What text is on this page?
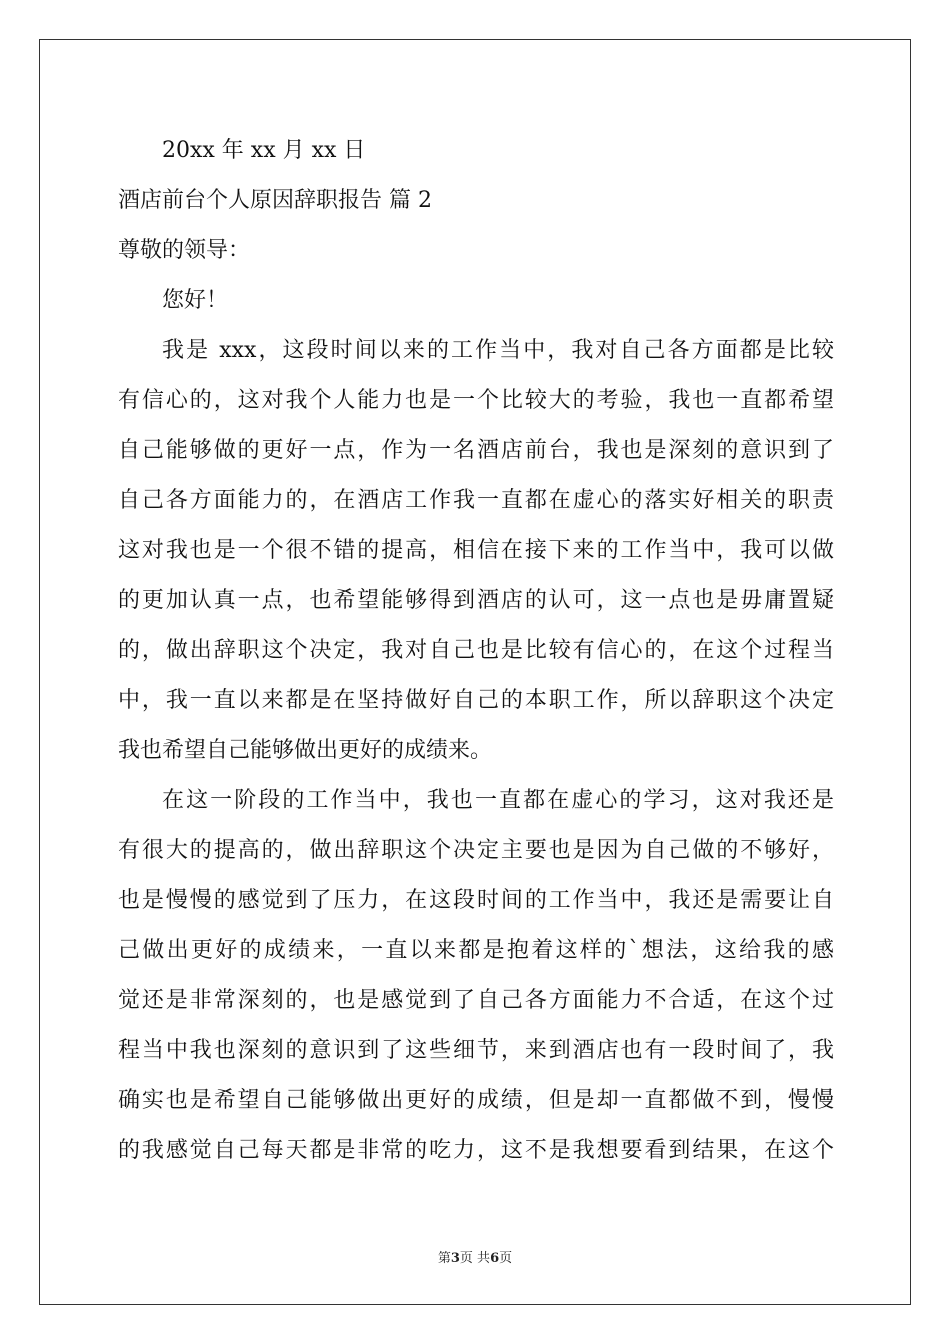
20xx 年 xx 月 xx 日
酒店前台个人原因辞职报告 篇 2
尊敬的领导：
您好！
我是 xxx，这段时间以来的工作当中，我对自己各方面都是比较
有信心的，这对我个人能力也是一个比较大的考验，我也一直都希望
自己能够做的更好一点，作为一名酒店前台，我也是深刻的意识到了
自己各方面能力的，在酒店工作我一直都在虚心的落实好相关的职责
这对我也是一个很不错的提高，相信在接下来的工作当中，我可以做
的更加认真一点，也希望能够得到酒店的认可，这一点也是毋庸置疑
的，做出辞职这个决定，我对自己也是比较有信心的，在这个过程当
中，我一直以来都是在坚持做好自己的本职工作，所以辞职这个决定
我也希望自己能够做出更好的成绩来。
在这一阶段的工作当中，我也一直都在虚心的学习，这对我还是
有很大的提高的，做出辞职这个决定主要也是因为自己做的不够好，
也是慢慢的感觉到了压力，在这段时间的工作当中，我还是需要让自
己做出更好的成绩来，一直以来都是抱着这样的`想法，这给我的感
觉还是非常深刻的，也是感觉到了自己各方面能力不合适，在这个过
程当中我也深刻的意识到了这些细节，来到酒店也有一段时间了，我
确实也是希望自己能够做出更好的成绩，但是却一直都做不到，慢慢
的我感觉自己每天都是非常的吃力，这不是我想要看到结果，在这个
第3页 共6页
